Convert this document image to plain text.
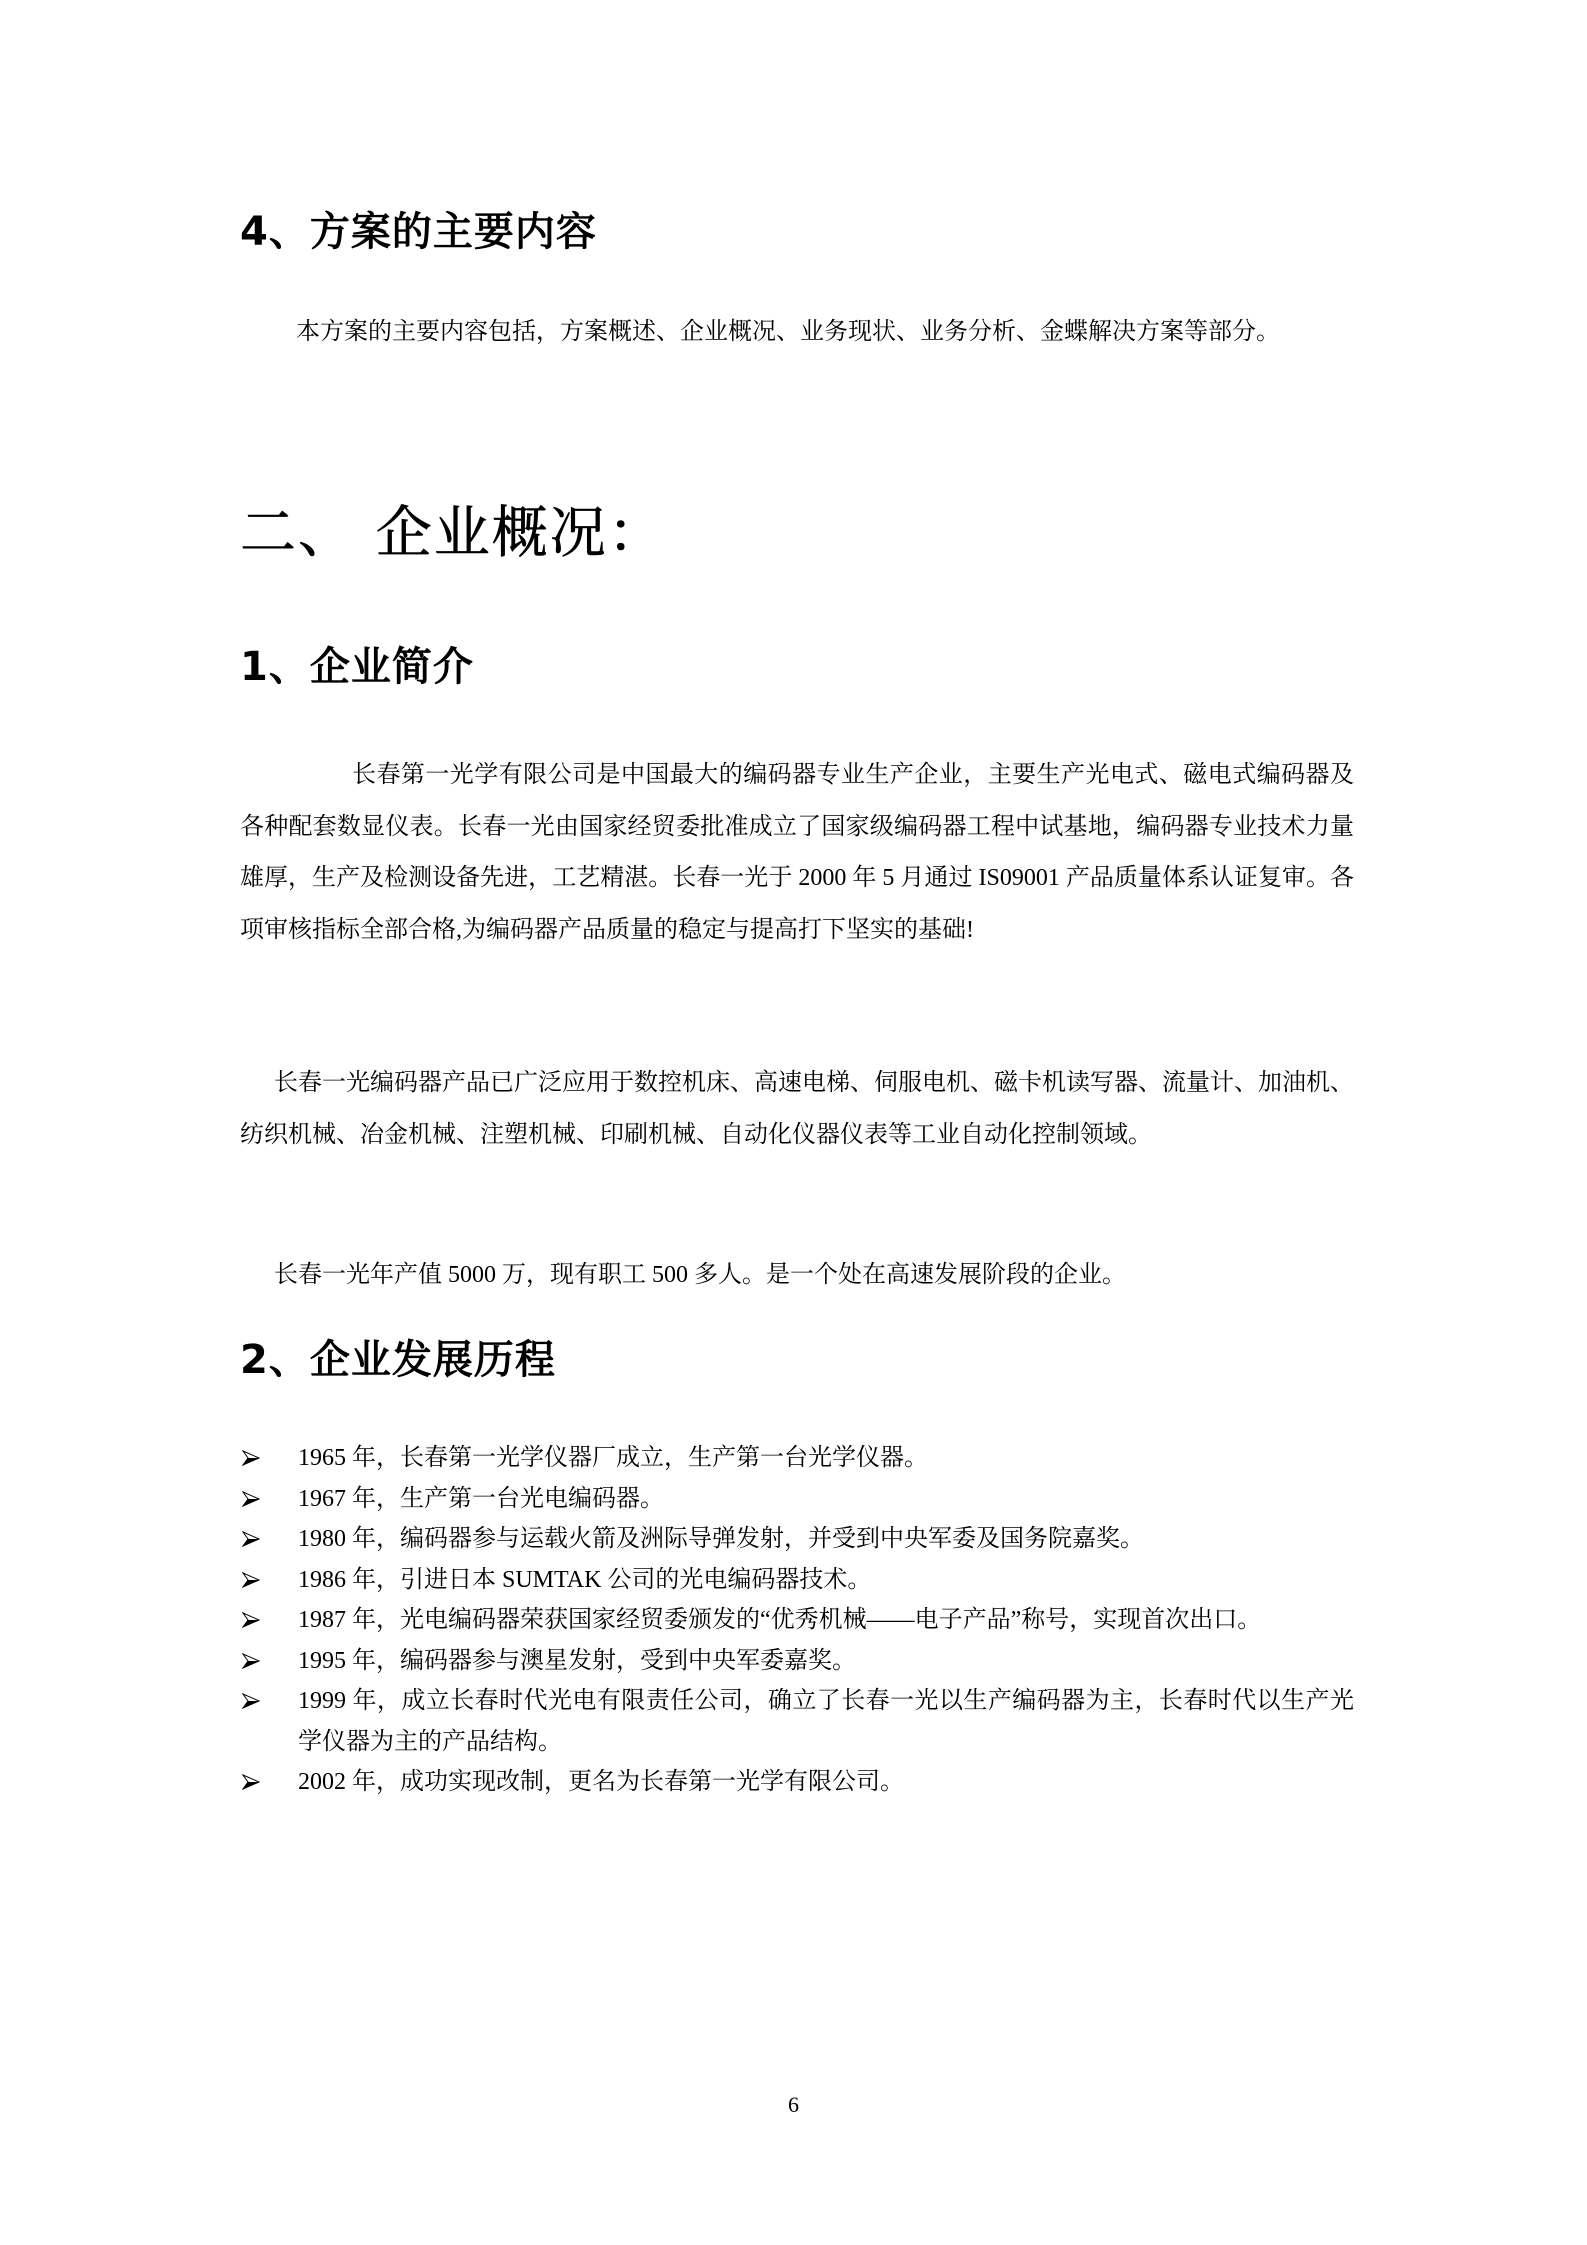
4、方案的主要内容

本方案的主要内容包括，方案概述、企业概况、业务现状、业务分析、金蝶解决方案等部分。

二、 企业概况：
1、企业简介

长春第一光学有限公司是中国最大的编码器专业生产企业，主要生产光电式、磁电式编码器及各种配套数显仪表。长春一光由国家经贸委批准成立了国家级编码器工程中试基地，编码器专业技术力量雄厚，生产及检测设备先进，工艺精湛。长春一光于 2000 年 5 月通过 IS09001 产品质量体系认证复审。各项审核指标全部合格,为编码器产品质量的稳定与提高打下坚实的基础!

长春一光编码器产品已广泛应用于数控机床、高速电梯、伺服电机、磁卡机读写器、流量计、加油机、纺织机械、冶金机械、注塑机械、印刷机械、自动化仪器仪表等工业自动化控制领域。

长春一光年产值 5000 万，现有职工 500 多人。是一个处在高速发展阶段的企业。

2、企业发展历程
1965 年，长春第一光学仪器厂成立，生产第一台光学仪器。
1967 年，生产第一台光电编码器。
1980 年，编码器参与运载火箭及洲际导弹发射，并受到中央军委及国务院嘉奖。
1986 年，引进日本 SUMTAK 公司的光电编码器技术。
1987 年，光电编码器荣获国家经贸委颁发的“优秀机械——电子产品”称号，实现首次出口。
1995 年，编码器参与澳星发射，受到中央军委嘉奖。
1999 年，成立长春时代光电有限责任公司，确立了长春一光以生产编码器为主，长春时代以生产光学仪器为主的产品结构。
2002 年，成功实现改制，更名为长春第一光学有限公司。
6
